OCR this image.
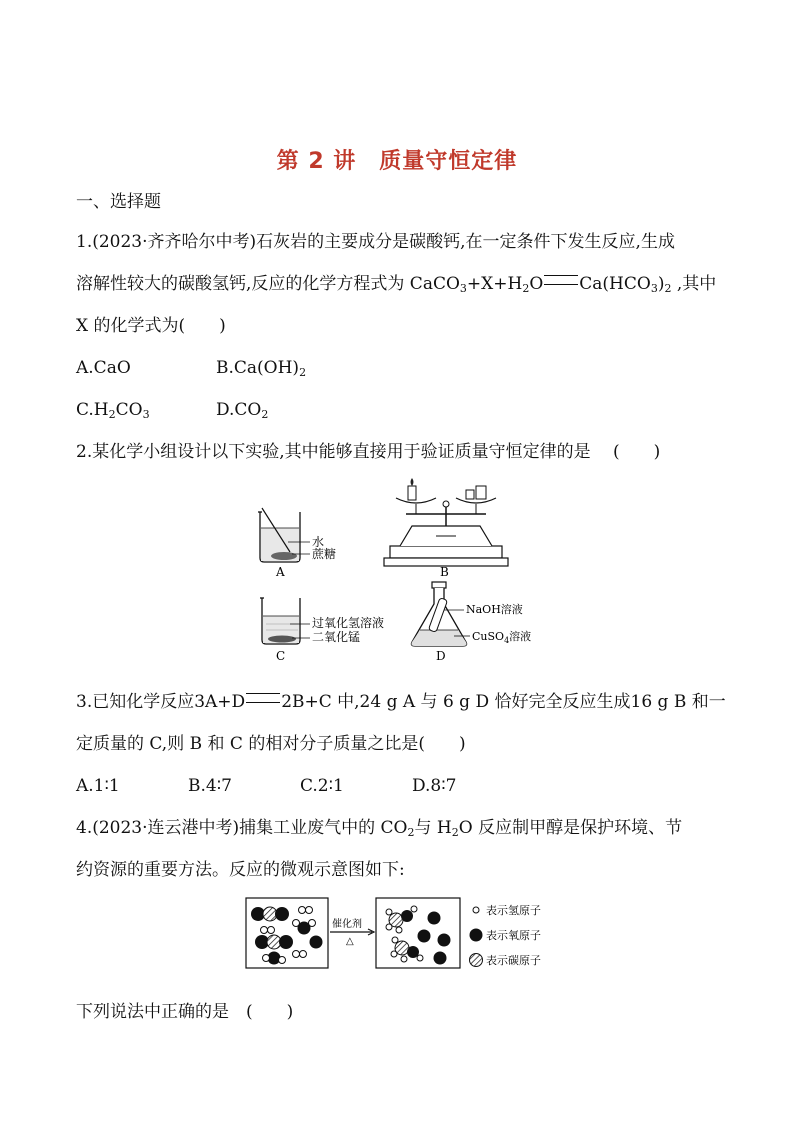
第 2 讲　质量守恒定律
一、选择题
1.(2023·齐齐哈尔中考)石灰岩的主要成分是碳酸钙,在一定条件下发生反应,生成
溶解性较大的碳酸氢钙,反应的化学方程式为 $CaCO_3+X+H_2O$ $Ca(HCO_3)_2$ ,其中
X 的化学式为(　　)
A.CaO	$B.Ca(OH)_2$
$C.H_2CO_3$	$D.CO_2$
2.某化学小组设计以下实验,其中能够直接用于验证质量守恒定律的是　 (　　)
水
蔗糖
A	B
过氧化氢溶液
二氧化锰
C
NaOH溶液
CuSO$_4$溶液
D
3.已知化学反应3A+D 2B+C 中,24 g A 与 6 g D 恰好完全反应生成16 g B 和一
定质量的 C,则 B 和 C 的相对分子质量之比是(　　)
A.1∶1	B.4∶7	C.2∶1	D.8∶7
4.(2023·连云港中考)捕集工业废气中的 $CO_2$与 $H_2O$ 反应制甲醇是保护环境、节
约资源的重要方法。反应的微观示意图如下:
催化剂
△
表示氢原子
表示氧原子
表示碳原子
下列说法中正确的是　(　　)
